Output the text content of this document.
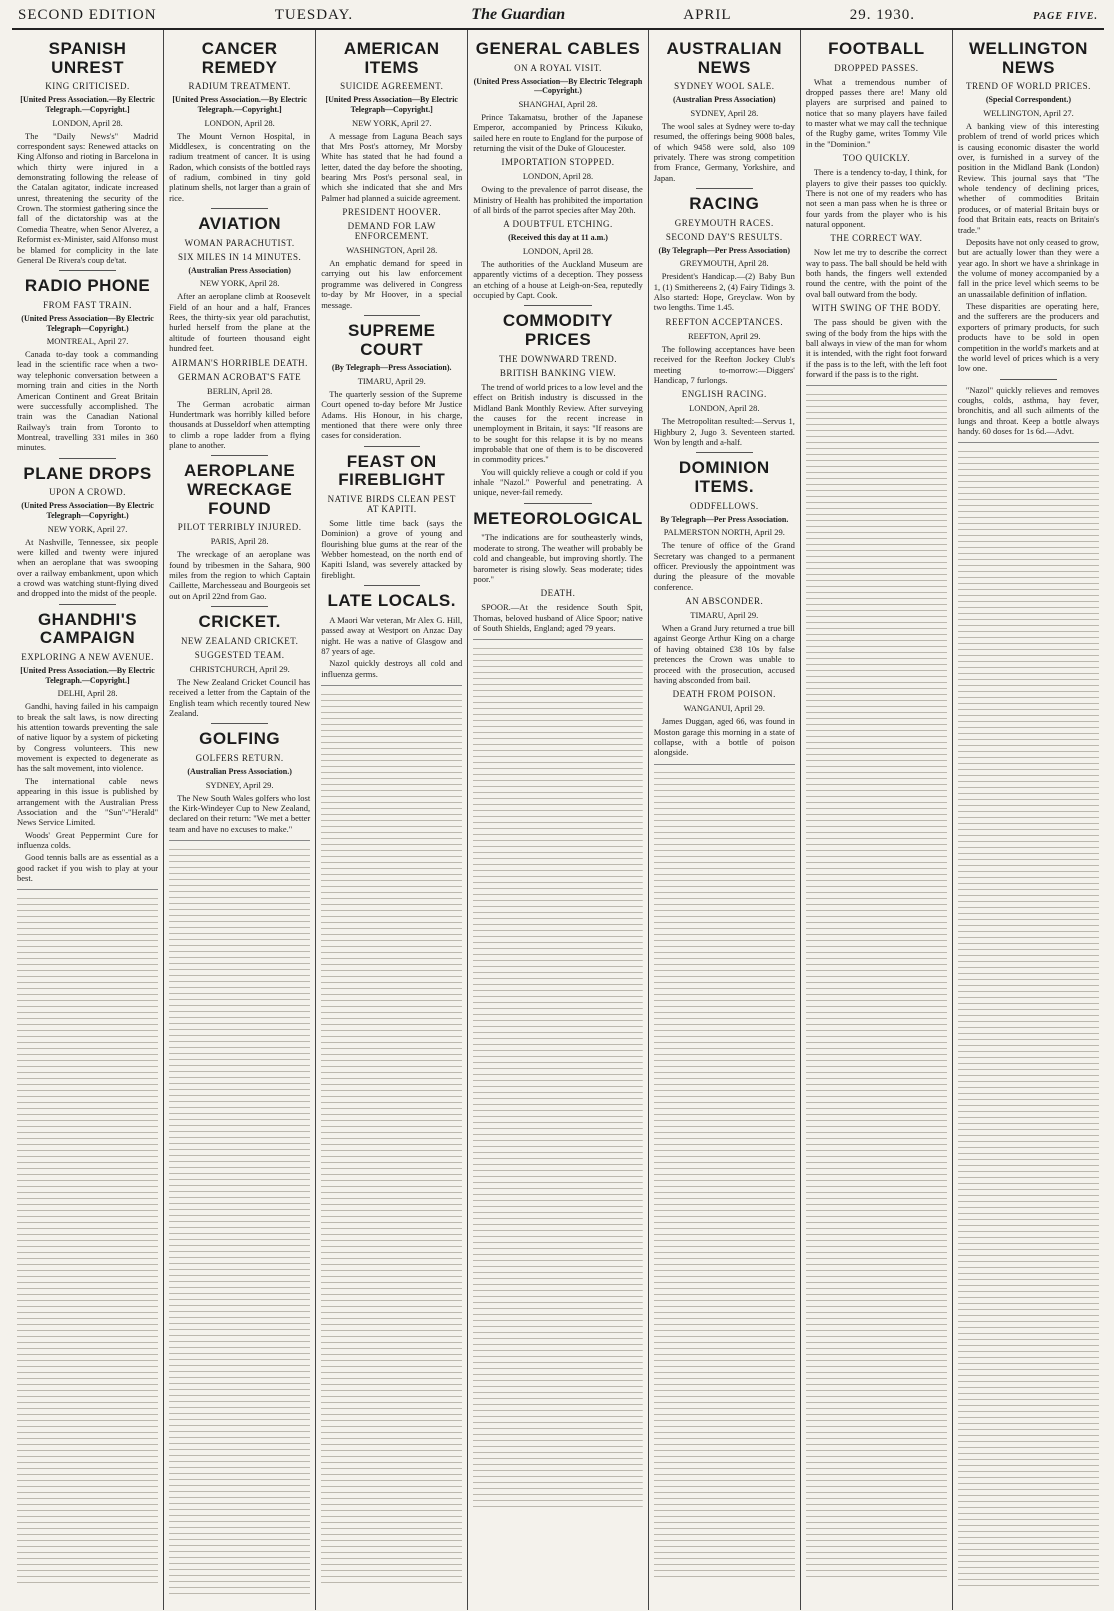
SECOND EDITION	TUESDAY.	The Guardian	APRIL	29. 1930.	PAGE FIVE.
SPANISH UNREST
KING CRITICISED.
[United Press Association.—By Electric Telegraph.—Copyright.]
LONDON, April 28.

The "Daily News's" Madrid correspondent says: Renewed attacks on King Alfonso and rioting in Barcelona in which thirty were injured in a demonstrating following the release of the Catalan agitator, indicate increased unrest, threatening the security of the Crown. The stormiest gathering since the fall of the dictatorship was at the Comedia Theatre, when Senor Alverez, a Reformist ex-Minister, said Alfonso must be blamed for complicity in the late General De Rivera's coup de'tat.

RADIO PHONE
FROM FAST TRAIN.
(United Press Association—By Electric Telegraph—Copyright.)
MONTREAL, April 27.

Canada to-day took a commanding lead in the scientific race when a two-way telephonic conversation between a morning train and cities in the North American Continent and Great Britain were successfully accomplished. The train was the Canadian National Railway's train from Toronto to Montreal, travelling 331 miles in 360 minutes.

PLANE DROPS
UPON A CROWD.
(United Press Association—By Electric Telegraph—Copyright.)
NEW YORK, April 27.

At Nashville, Tennessee, six people were killed and twenty were injured when an aeroplane that was swooping over a railway embankment, upon which a crowd was watching stunt-flying dived and dropped into the midst of the people.

GHANDHI'S CAMPAIGN
EXPLORING A NEW AVENUE.
[United Press Association.—By Electric Telegraph.—Copyright.]
DELHI, April 28.

Gandhi, having failed in his campaign to break the salt laws, is now directing his attention towards preventing the sale of native liquor by a system of picketing by Congress volunteers. This new movement is expected to degenerate as has the salt movement, into violence.

The international cable news appearing in this issue is published by arrangement with the Australian Press Association and the "Sun"-"Herald" News Service Limited.

Woods' Great Peppermint Cure for influenza colds.

Good tennis balls are as essential as a good racket if you wish to play at your best.

CANCER REMEDY
RADIUM TREATMENT.
[United Press Association.—By Electric Telegraph.—Copyright.]
LONDON, April 28.

The Mount Vernon Hospital, in Middlesex, is concentrating on the radium treatment of cancer. It is using Radon, which consists of the bottled rays of radium, combined in tiny gold platinum shells, not larger than a grain of rice.

AVIATION
WOMAN PARACHUTIST.
SIX MILES IN 14 MINUTES.
(Australian Press Association)
NEW YORK, April 28.

After an aeroplane climb at Roosevelt Field of an hour and a half, Frances Rees, the thirty-six year old parachutist, hurled herself from the plane at the altitude of fourteen thousand eight hundred feet.

AIRMAN'S HORRIBLE DEATH.
GERMAN ACROBAT'S FATE
BERLIN, April 28.

The German acrobatic airman Hundertmark was horribly killed before thousands at Dusseldorf when attempting to climb a rope ladder from a flying plane to another.

AEROPLANE WRECKAGE FOUND
PILOT TERRIBLY INJURED.
PARIS, April 28.

The wreckage of an aeroplane was found by tribesmen in the Sahara, 900 miles from the region to which Captain Caillette, Marchesseau and Bourgeois set out on April 22nd from Gao.

CRICKET.
NEW ZEALAND CRICKET.
SUGGESTED TEAM.
CHRISTCHURCH, April 29.

The New Zealand Cricket Council has received a letter from the Captain of the English team which recently toured New Zealand.

GOLFING
GOLFERS RETURN.
(Australian Press Association.)
SYDNEY, April 29.

The New South Wales golfers who lost the Kirk-Windeyer Cup to New Zealand, declared on their return: "We met a better team and have no excuses to make."

AMERICAN ITEMS
SUICIDE AGREEMENT.
[United Press Association—By Electric Telegraph—Copyright.]
NEW YORK, April 27.

A message from Laguna Beach says that Mrs Post's attorney, Mr Morsby White has stated that he had found a letter, dated the day before the shooting, bearing Mrs Post's personal seal, in which she indicated that she and Mrs Palmer had planned a suicide agreement.

PRESIDENT HOOVER.
DEMAND FOR LAW ENFORCEMENT.
WASHINGTON, April 28.

An emphatic demand for speed in carrying out his law enforcement programme was delivered in Congress to-day by Mr Hoover, in a special message.

SUPREME COURT
(By Telegraph—Press Association).
TIMARU, April 29.

The quarterly session of the Supreme Court opened to-day before Mr Justice Adams. His Honour, in his charge, mentioned that there were only three cases for consideration.

FEAST ON FIREBLIGHT
NATIVE BIRDS CLEAN PEST AT KAPITI.

Some little time back (says the Dominion) a grove of young and flourishing blue gums at the rear of the Webber homestead, on the north end of Kapiti Island, was severely attacked by fireblight.

LATE LOCALS.

A Maori War veteran, Mr Alex G. Hill, passed away at Westport on Anzac Day night. He was a native of Glasgow and 87 years of age.

Nazol quickly destroys all cold and influenza germs.

GENERAL CABLES
ON A ROYAL VISIT.
(United Press Association—By Electric Telegraph—Copyright.)
SHANGHAI, April 28.

Prince Takamatsu, brother of the Japanese Emperor, accompanied by Princess Kikuko, sailed here en route to England for the purpose of returning the visit of the Duke of Gloucester.

IMPORTATION STOPPED.
LONDON, April 28.

Owing to the prevalence of parrot disease, the Ministry of Health has prohibited the importation of all birds of the parrot species after May 20th.

A DOUBTFUL ETCHING.
(Received this day at 11 a.m.)
LONDON, April 28.

The authorities of the Auckland Museum are apparently victims of a deception. They possess an etching of a house at Leigh-on-Sea, reputedly occupied by Capt. Cook.

COMMODITY PRICES
THE DOWNWARD TREND.
BRITISH BANKING VIEW.

The trend of world prices to a low level and the effect on British industry is discussed in the Midland Bank Monthly Review. After surveying the causes for the recent increase in unemployment in Britain, it says: "If reasons are to be sought for this relapse it is by no means improbable that one of them is to be discovered in commodity prices."

You will quickly relieve a cough or cold if you inhale "Nazol." Powerful and penetrating. A unique, never-fail remedy.

METEOROLOGICAL

"The indications are for southeasterly winds, moderate to strong. The weather will probably be cold and changeable, but improving shortly. The barometer is rising slowly. Seas moderate; tides poor."

DEATH.

SPOOR.—At the residence South Spit, Thomas, beloved husband of Alice Spoor; native of South Shields, England; aged 79 years.

AUSTRALIAN NEWS
SYDNEY WOOL SALE.
(Australian Press Association)
SYDNEY, April 28.

The wool sales at Sydney were to-day resumed, the offerings being 9008 bales, of which 9458 were sold, also 109 privately. There was strong competition from France, Germany, Yorkshire, and Japan.

RACING
GREYMOUTH RACES.
SECOND DAY'S RESULTS.
(By Telegraph—Per Press Association)
GREYMOUTH, April 28.

President's Handicap.—(2) Baby Bun 1, (1) Smithereens 2, (4) Fairy Tidings 3. Also started: Hope, Greyclaw. Won by two lengths. Time 1.45.

REEFTON ACCEPTANCES.
REEFTON, April 29.

The following acceptances have been received for the Reefton Jockey Club's meeting to-morrow:—Diggers' Handicap, 7 furlongs.

ENGLISH RACING.
LONDON, April 28.

The Metropolitan resulted:—Servus 1, Highbury 2, Jugo 3. Seventeen started. Won by length and a-half.

DOMINION ITEMS.
ODDFELLOWS.
By Telegraph—Per Press Association.
PALMERSTON NORTH, April 29.

The tenure of office of the Grand Secretary was changed to a permanent officer. Previously the appointment was during the pleasure of the movable conference.

AN ABSCONDER.
TIMARU, April 29.

When a Grand Jury returned a true bill against George Arthur King on a charge of having obtained £38 10s by false pretences the Crown was unable to proceed with the prosecution, accused having absconded from bail.

DEATH FROM POISON.
WANGANUI, April 29.

James Duggan, aged 66, was found in Moston garage this morning in a state of collapse, with a bottle of poison alongside.

FOOTBALL
DROPPED PASSES.

What a tremendous number of dropped passes there are! Many old players are surprised and pained to notice that so many players have failed to master what we may call the technique of the Rugby game, writes Tommy Vile in the "Dominion."

TOO QUICKLY.

There is a tendency to-day, I think, for players to give their passes too quickly. There is not one of my readers who has not seen a man pass when he is three or four yards from the player who is his natural opponent.

THE CORRECT WAY.

Now let me try to describe the correct way to pass. The ball should be held with both hands, the fingers well extended round the centre, with the point of the oval ball outward from the body.

WITH SWING OF THE BODY.

The pass should be given with the swing of the body from the hips with the ball always in view of the man for whom it is intended, with the right foot forward if the pass is to the left, with the left foot forward if the pass is to the right.

WELLINGTON NEWS
TREND OF WORLD PRICES.
(Special Correspondent.)
WELLINGTON, April 27.

A banking view of this interesting problem of trend of world prices which is causing economic disaster the world over, is furnished in a survey of the position in the Midland Bank (London) Review. This journal says that "The whole tendency of declining prices, whether of commodities Britain produces, or of material Britain buys or food that Britain eats, reacts on Britain's trade."

Deposits have not only ceased to grow, but are actually lower than they were a year ago. In short we have a shrinkage in the volume of money accompanied by a fall in the price level which seems to be an unassailable definition of inflation.

These disparities are operating here, and the sufferers are the producers and exporters of primary products, for such products have to be sold in open competition in the world's markets and at the world level of prices which is a very low one.

"Nazol" quickly relieves and removes coughs, colds, asthma, hay fever, bronchitis, and all such ailments of the lungs and throat. Keep a bottle always handy. 60 doses for 1s 6d.—Advt.
